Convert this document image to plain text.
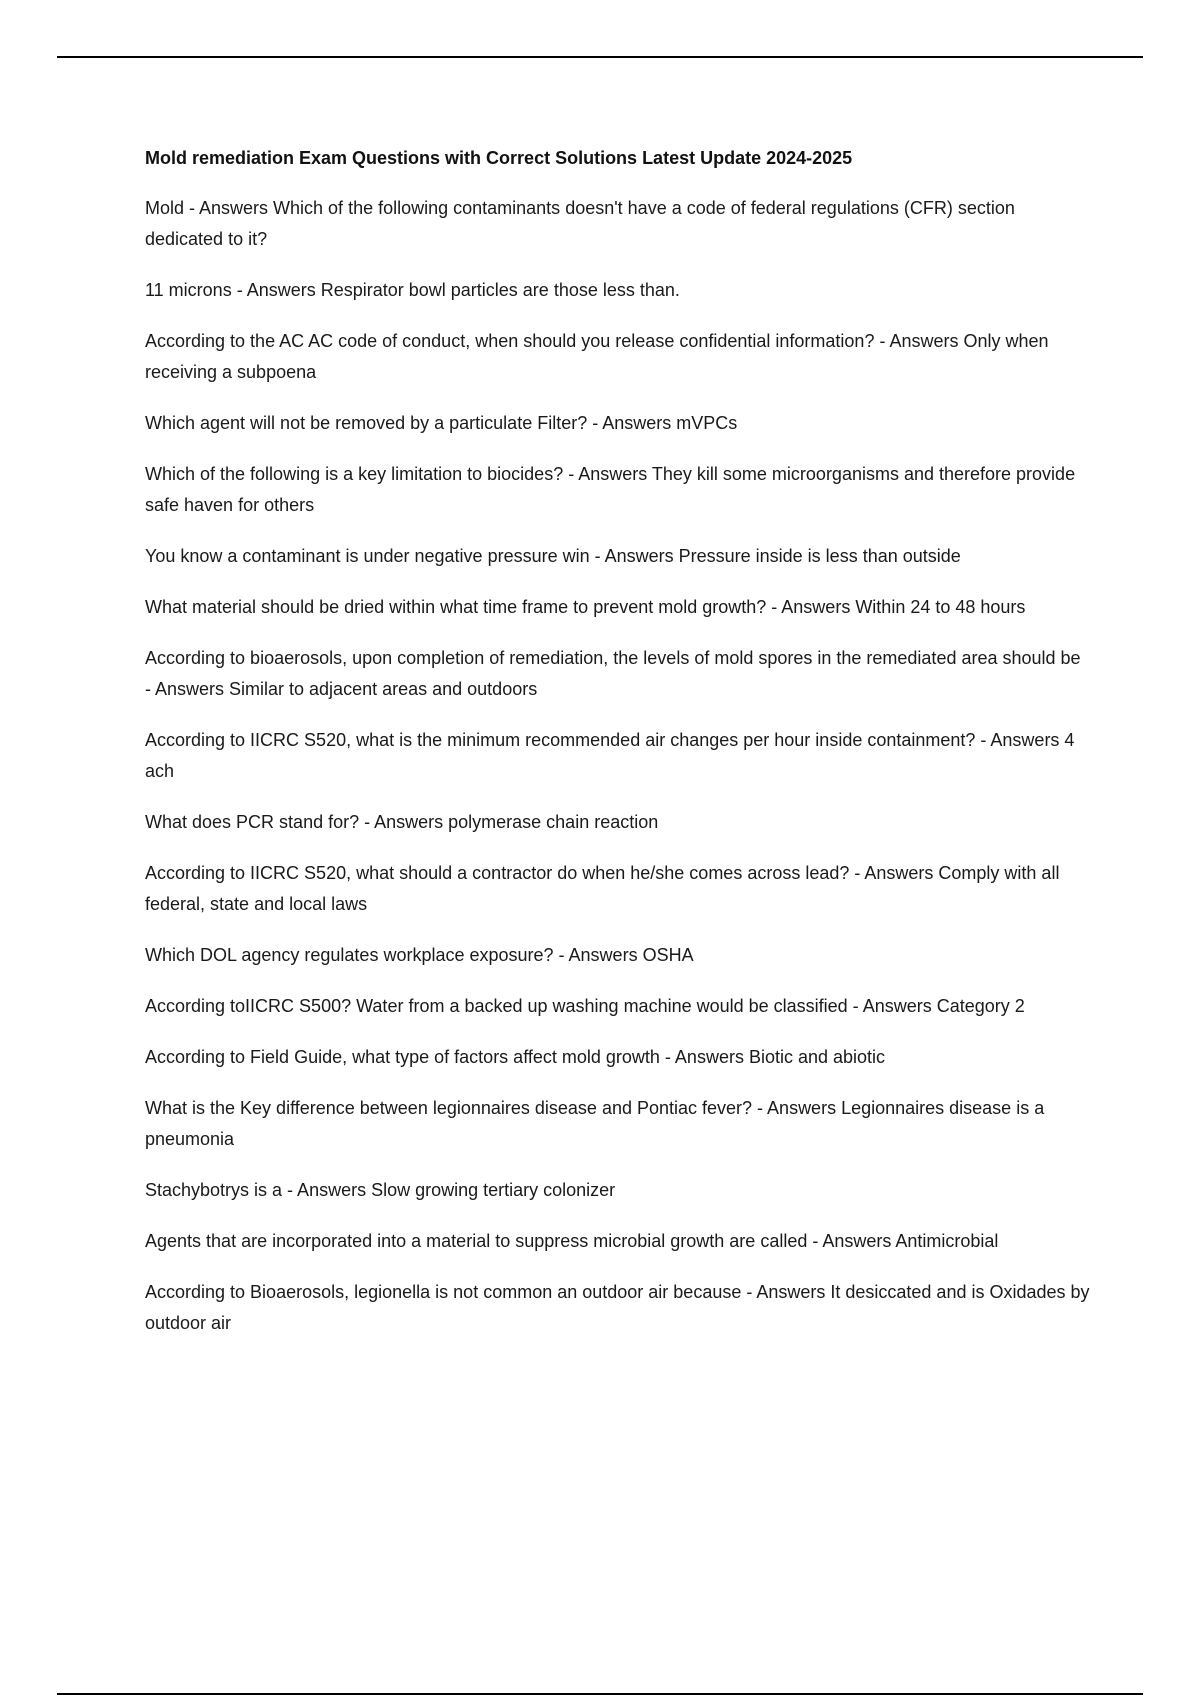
Mold remediation Exam Questions with Correct Solutions Latest Update 2024-2025

Mold - Answers Which of the following contaminants doesn't have a code of federal regulations (CFR) section dedicated to it?

11 microns - Answers Respirator bowl particles are those less than.

According to the AC AC code of conduct, when should you release confidential information? - Answers Only when receiving a subpoena

Which agent will not be removed by a particulate Filter? - Answers mVPCs

Which of the following is a key limitation to biocides? - Answers They kill some microorganisms and therefore provide safe haven for others

You know a contaminant is under negative pressure win - Answers Pressure inside is less than outside

What material should be dried within what time frame to prevent mold growth? - Answers Within 24 to 48 hours

According to bioaerosols, upon completion of remediation, the levels of mold spores in the remediated area should be - Answers Similar to adjacent areas and outdoors

According to IICRC S520, what is the minimum recommended air changes per hour inside containment? - Answers 4 ach

What does PCR stand for? - Answers polymerase chain reaction

According to IICRC S520, what should a contractor do when he/she comes across lead? - Answers Comply with all federal, state and local laws

Which DOL agency regulates workplace exposure? - Answers OSHA

According toIICRC S500? Water from a backed up washing machine would be classified - Answers Category 2

According to Field Guide, what type of factors affect mold growth - Answers Biotic and abiotic

What is the Key difference between legionnaires disease and Pontiac fever? - Answers Legionnaires disease is a pneumonia

Stachybotrys is a - Answers Slow growing tertiary colonizer

Agents that are incorporated into a material to suppress microbial growth are called - Answers Antimicrobial

According to Bioaerosols, legionella is not common an outdoor air because - Answers It desiccated and is Oxidades by outdoor air
